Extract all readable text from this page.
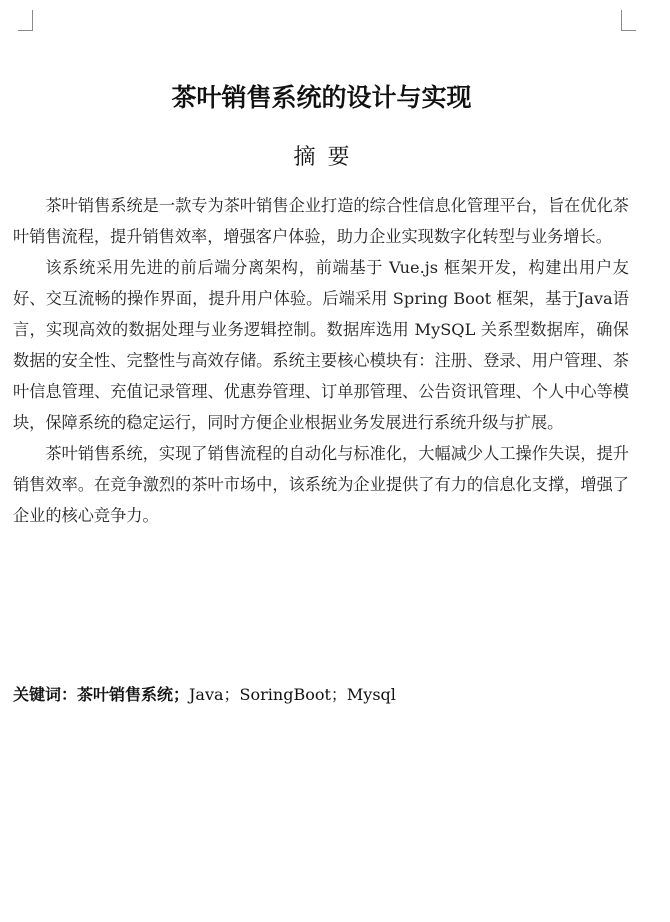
茶叶销售系统的设计与实现
摘要

茶叶销售系统是一款专为茶叶销售企业打造的综合性信息化管理平台，旨在优化茶叶销售流程，提升销售效率，增强客户体验，助力企业实现数字化转型与业务增长。

该系统采用先进的前后端分离架构，前端基于 Vue.js 框架开发，构建出用户友好、交互流畅的操作界面，提升用户体验。后端采用 Spring Boot 框架，基于Java语言，实现高效的数据处理与业务逻辑控制。数据库选用 MySQL 关系型数据库，确保数据的安全性、完整性与高效存储。系统主要核心模块有：注册、登录、用户管理、茶叶信息管理、充值记录管理、优惠券管理、订单那管理、公告资讯管理、个人中心等模块，保障系统的稳定运行，同时方便企业根据业务发展进行系统升级与扩展。

茶叶销售系统，实现了销售流程的自动化与标准化，大幅减少人工操作失误，提升销售效率。在竞争激烈的茶叶市场中，该系统为企业提供了有力的信息化支撑，增强了企业的核心竞争力。

关键词：茶叶销售系统；Java；SoringBoot；Mysql
